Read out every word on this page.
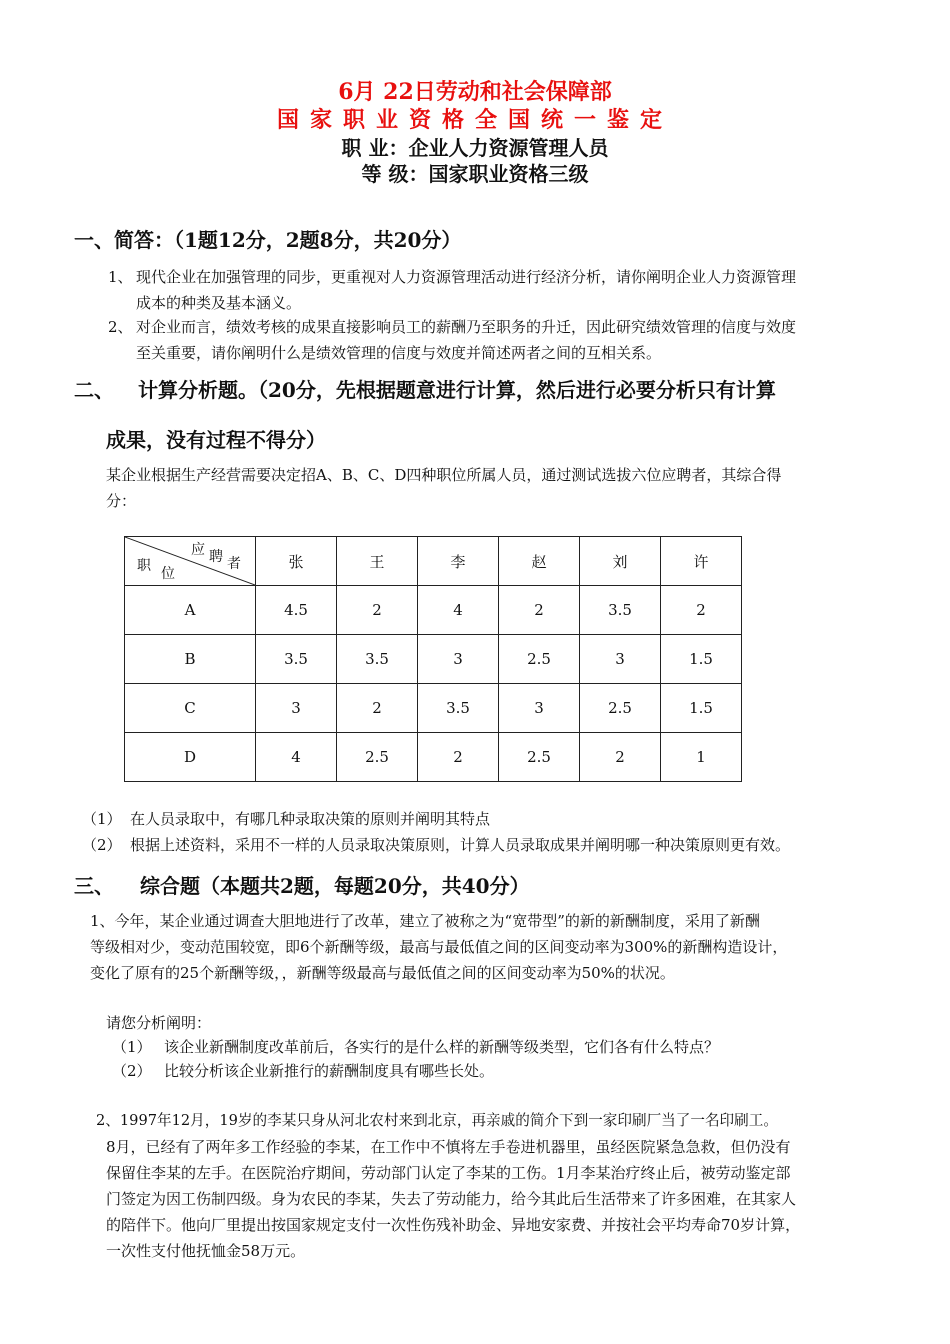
6月 22日劳动和社会保障部
国家职业资格全国统一鉴定
职 业：企业人力资源管理人员
等 级：国家职业资格三级
一、简答：（1题12分，2题8分，共20分）
1、 现代企业在加强管理的同步，更重视对人力资源管理活动进行经济分析，请你阐明企业人力资源管理
成本的种类及基本涵义。
2、 对企业而言，绩效考核的成果直接影响员工的薪酬乃至职务的升迁，因此研究绩效管理的信度与效度
至关重要，请你阐明什么是绩效管理的信度与效度并简述两者之间的互相关系。
二、 计算分析题。（20分，先根据题意进行计算，然后进行必要分析只有计算
成果，没有过程不得分）
某企业根据生产经营需要决定招A、B、C、D四种职位所属人员，通过测试选拔六位应聘者，其综合得
分：
应 聘 者
职 位	张	王	李	赵	刘	许
A	4.5	2	4	2	3.5	2
B	3.5	3.5	3	2.5	3	1.5
C	3	2	3.5	3	2.5	1.5
D	4	2.5	2	2.5	2	1
（1） 在人员录取中，有哪几种录取决策的原则并阐明其特点
（2） 根据上述资料，采用不一样的人员录取决策原则，计算人员录取成果并阐明哪一种决策原则更有效。
三、 综合题（本题共2题，每题20分，共40分）
1、今年，某企业通过调查大胆地进行了改革，建立了被称之为“宽带型”的新的新酬制度，采用了新酬
等级相对少，变动范围较宽，即6个新酬等级，最高与最低值之间的区间变动率为300%的新酬构造设计，
变化了原有的25个新酬等级，，新酬等级最高与最低值之间的区间变动率为50%的状况。
请您分析阐明：
（1） 该企业新酬制度改革前后，各实行的是什么样的新酬等级类型，它们各有什么特点？
（2） 比较分析该企业新推行的薪酬制度具有哪些长处。
2、1997年12月，19岁的李某只身从河北农村来到北京，再亲戚的简介下到一家印刷厂当了一名印刷工。
8月，已经有了两年多工作经验的李某，在工作中不慎将左手卷进机器里，虽经医院紧急急救，但仍没有
保留住李某的左手。在医院治疗期间，劳动部门认定了李某的工伤。1月李某治疗终止后，被劳动鉴定部
门签定为因工伤制四级。身为农民的李某，失去了劳动能力，给今其此后生活带来了许多困难，在其家人
的陪伴下。他向厂里提出按国家规定支付一次性伤残补助金、异地安家费、并按社会平均寿命70岁计算，
一次性支付他抚恤金58万元。
